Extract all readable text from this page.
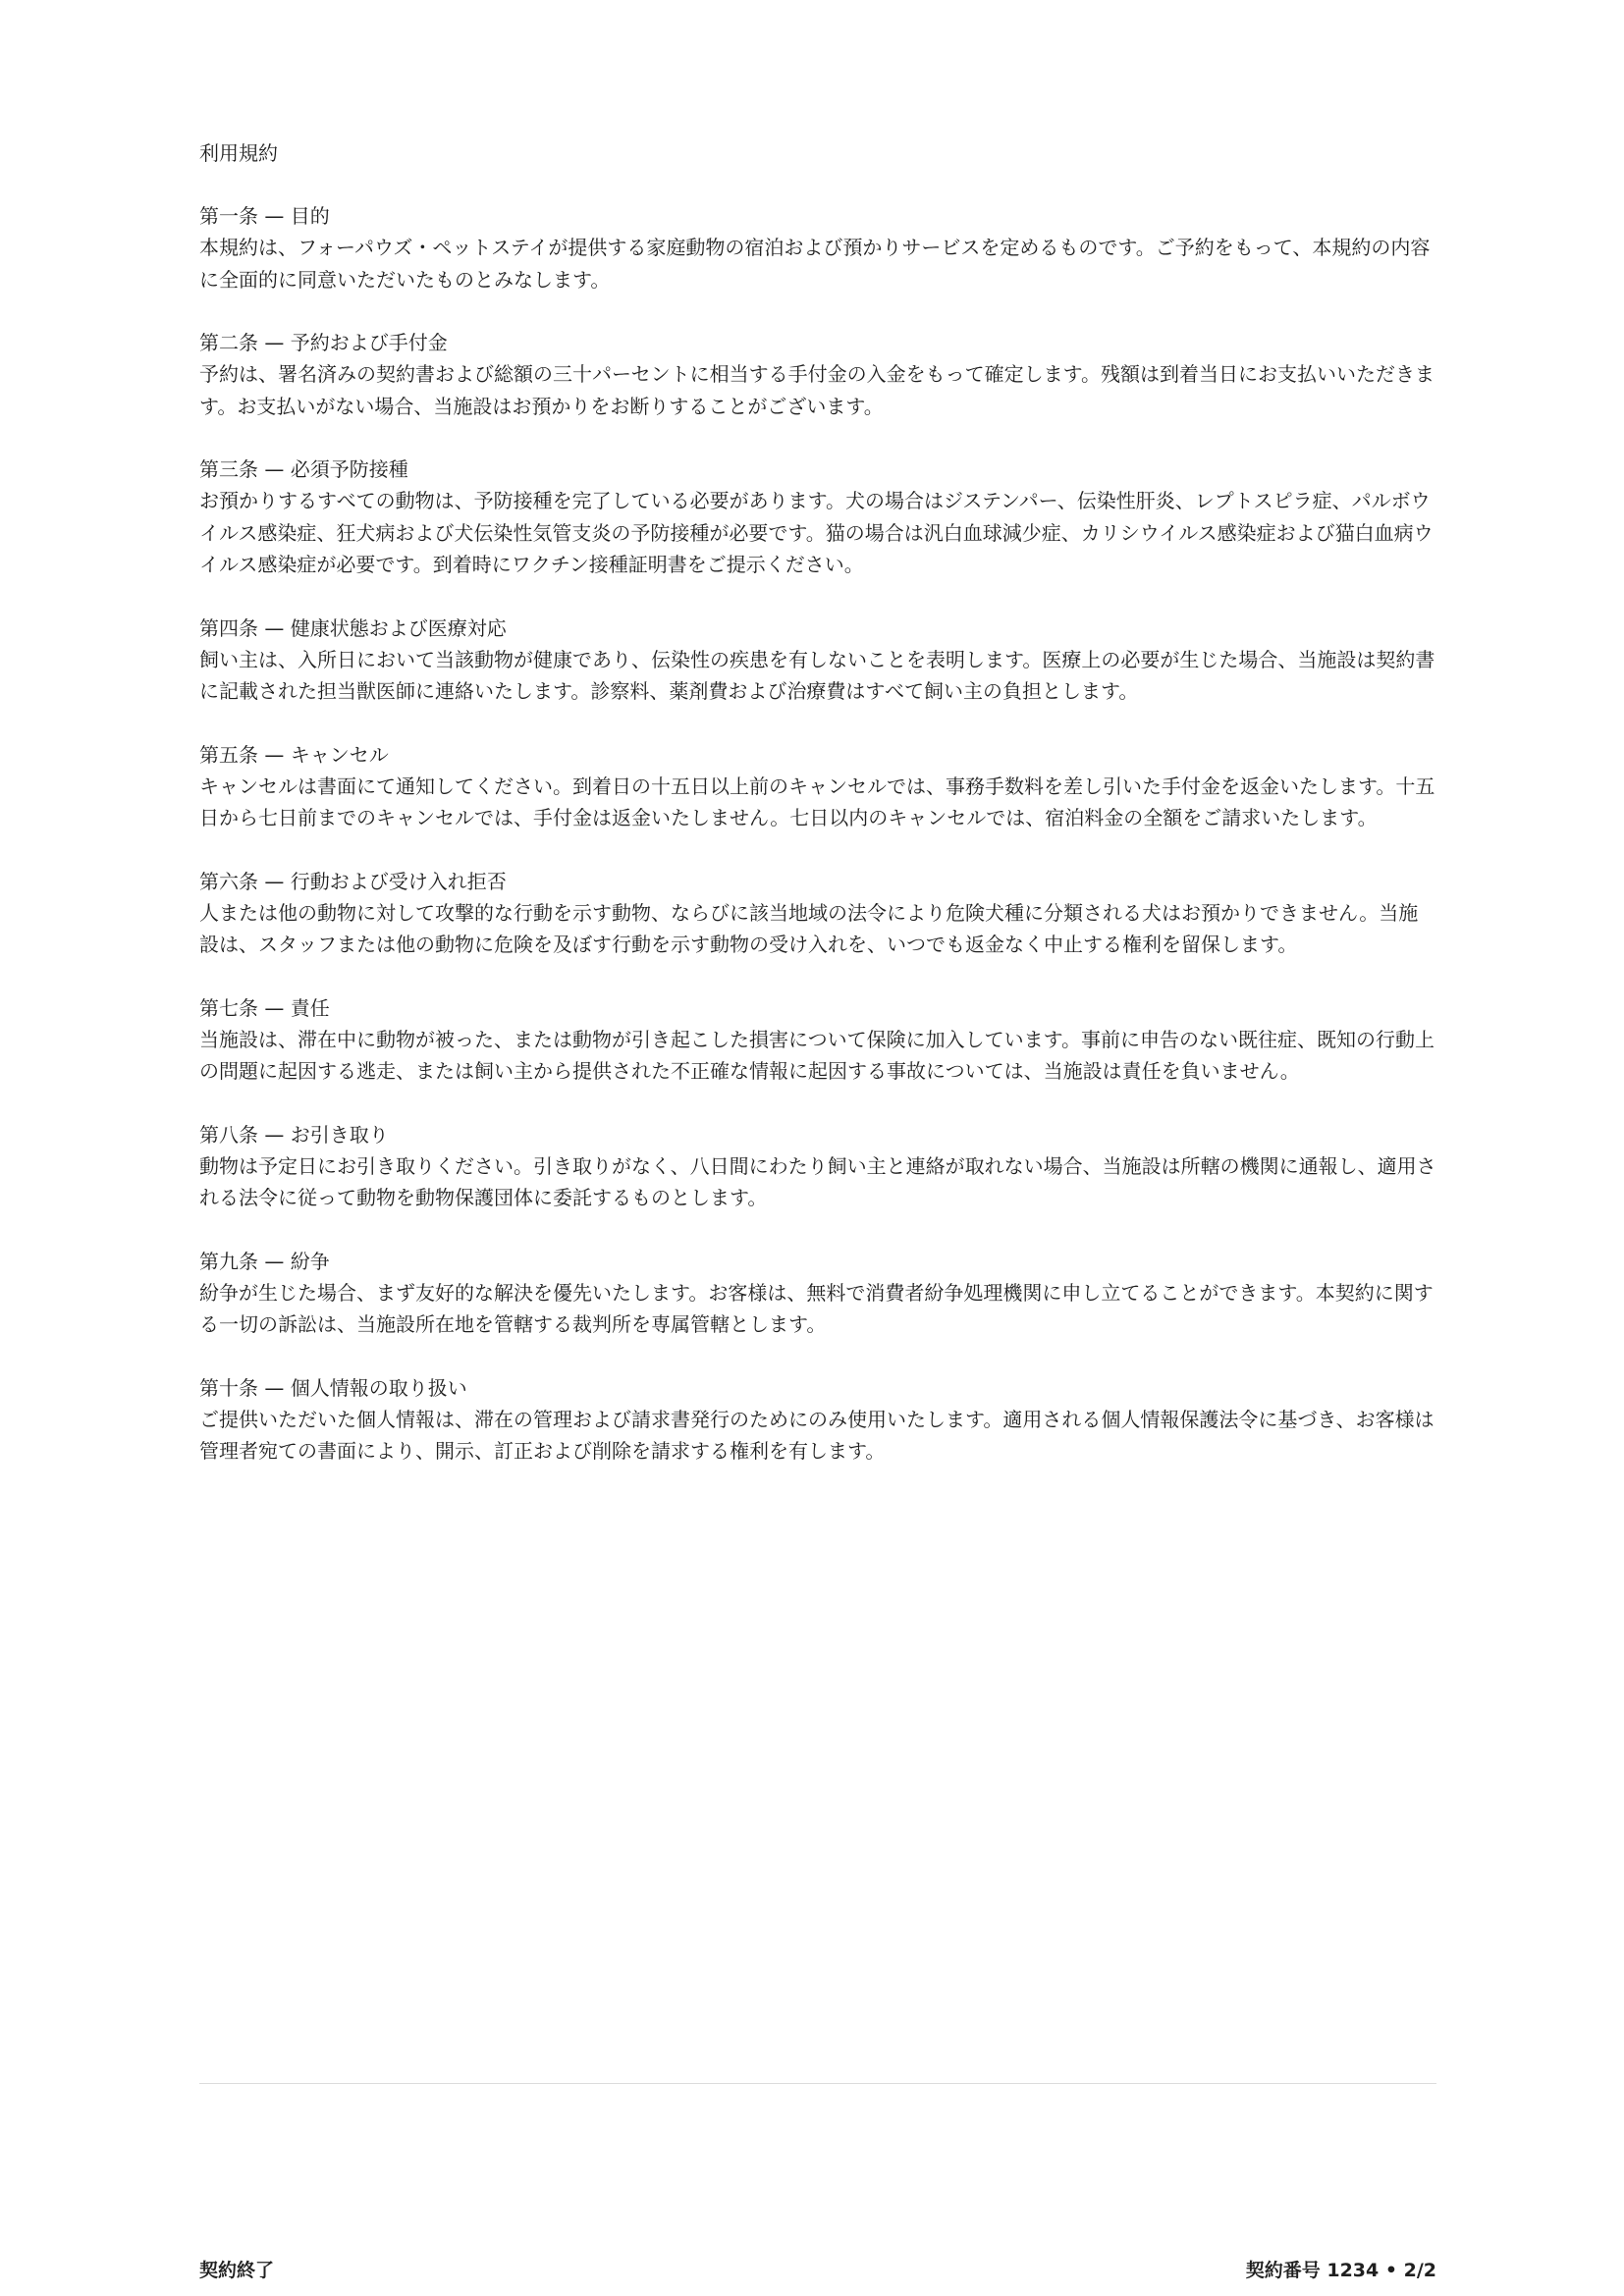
利用規約
第一条 — 目的

本規約は、フォーパウズ・ペットステイが提供する家庭動物の宿泊および預かりサービスを定めるものです。ご予約をもって、本規約の内容に全面的に同意いただいたものとみなします。

第二条 — 予約および手付金

予約は、署名済みの契約書および総額の三十パーセントに相当する手付金の入金をもって確定します。残額は到着当日にお支払いいただきます。お支払いがない場合、当施設はお預かりをお断りすることがございます。

第三条 — 必須予防接種

お預かりするすべての動物は、予防接種を完了している必要があります。犬の場合はジステンパー、伝染性肝炎、レプトスピラ症、パルボウイルス感染症、狂犬病および犬伝染性気管支炎の予防接種が必要です。猫の場合は汎白血球減少症、カリシウイルス感染症および猫白血病ウイルス感染症が必要です。到着時にワクチン接種証明書をご提示ください。

第四条 — 健康状態および医療対応

飼い主は、入所日において当該動物が健康であり、伝染性の疾患を有しないことを表明します。医療上の必要が生じた場合、当施設は契約書に記載された担当獣医師に連絡いたします。診察料、薬剤費および治療費はすべて飼い主の負担とします。

第五条 — キャンセル

キャンセルは書面にて通知してください。到着日の十五日以上前のキャンセルでは、事務手数料を差し引いた手付金を返金いたします。十五日から七日前までのキャンセルでは、手付金は返金いたしません。七日以内のキャンセルでは、宿泊料金の全額をご請求いたします。

第六条 — 行動および受け入れ拒否

人または他の動物に対して攻撃的な行動を示す動物、ならびに該当地域の法令により危険犬種に分類される犬はお預かりできません。当施設は、スタッフまたは他の動物に危険を及ぼす行動を示す動物の受け入れを、いつでも返金なく中止する権利を留保します。

第七条 — 責任

当施設は、滞在中に動物が被った、または動物が引き起こした損害について保険に加入しています。事前に申告のない既往症、既知の行動上の問題に起因する逃走、または飼い主から提供された不正確な情報に起因する事故については、当施設は責任を負いません。

第八条 — お引き取り

動物は予定日にお引き取りください。引き取りがなく、八日間にわたり飼い主と連絡が取れない場合、当施設は所轄の機関に通報し、適用される法令に従って動物を動物保護団体に委託するものとします。

第九条 — 紛争

紛争が生じた場合、まず友好的な解決を優先いたします。お客様は、無料で消費者紛争処理機関に申し立てることができます。本契約に関する一切の訴訟は、当施設所在地を管轄する裁判所を専属管轄とします。

第十条 — 個人情報の取り扱い

ご提供いただいた個人情報は、滞在の管理および請求書発行のためにのみ使用いたします。適用される個人情報保護法令に基づき、お客様は管理者宛ての書面により、開示、訂正および削除を請求する権利を有します。

契約終了	契約番号 1234 • 2/2
